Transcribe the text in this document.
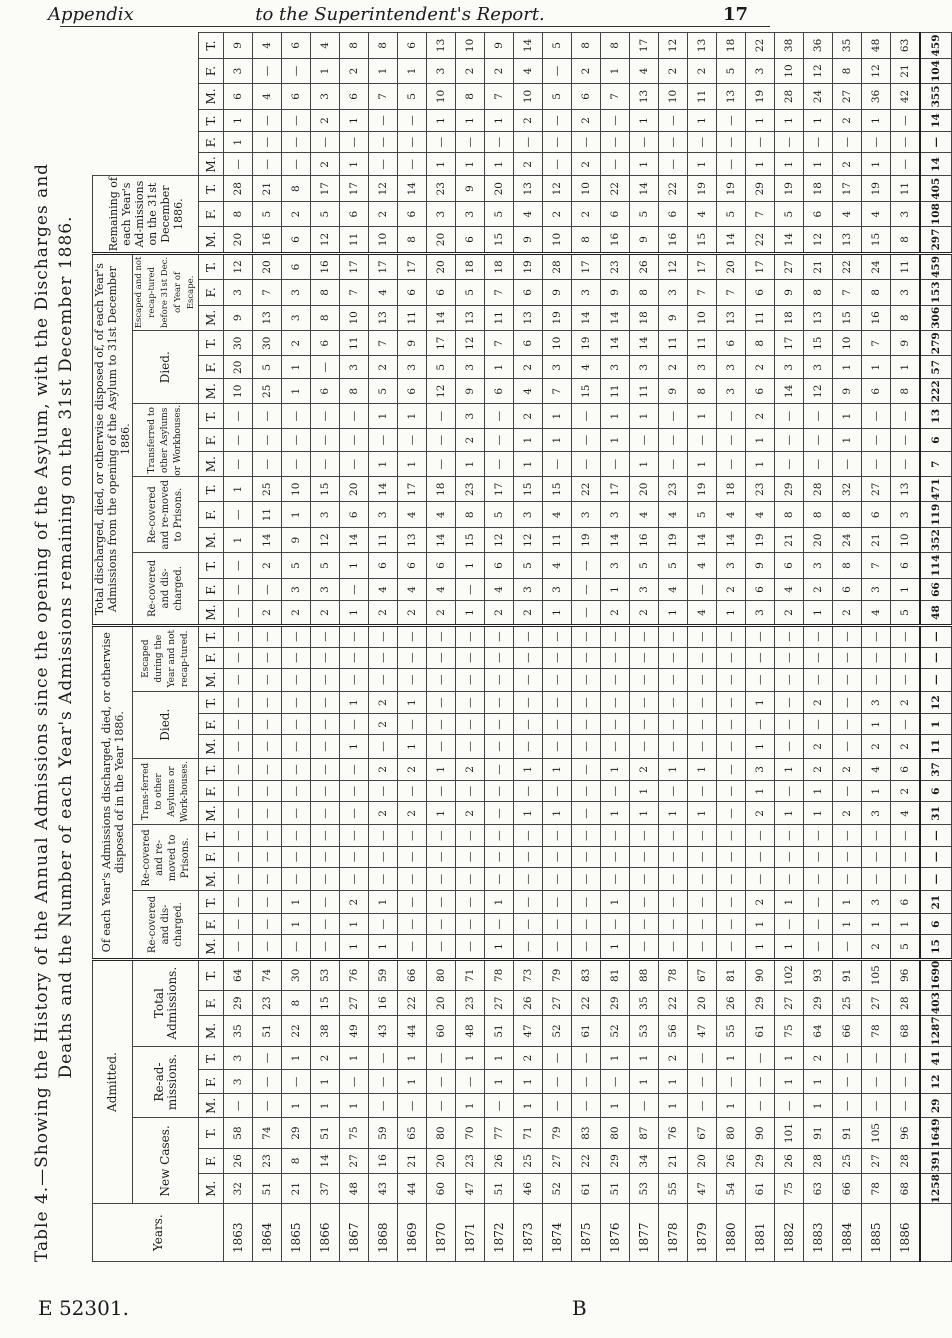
Appendix	to the Superintendent's Report.	17
Table 4.—Showing the History of the Annual Admissions since the opening of the Asylum, with the Discharges and Deaths and the Number of each Year's Admissions remaining on the 31st December 1886.
Years.	Admitted.									Of each Year's Admissions discharged, died, or otherwise disposed of in the Year 1886.															Total discharged, died, or otherwise disposed of, of each Year's Admissions from the opening of the Asylum to 31st December 1886.															Remaining of each Year's Ad-missions on the 31st December 1886.								
	New Cases.			Re-ad-missions.			Total Admissions.			Re-covered and dis-charged.			Re-covered and re-moved to Prisons.			Trans-ferred to other Asylums or Work-houses.			Died.			Escaped during the Year and not recap-tured.			Re-covered and dis-charged.			Re-covered and re-moved to Prisons.			Transferred to other Asylums or Workhouses.			Died.			Escaped and not recap-tured before 31st Dec. of Year of Escape.											
	M.	F.	T.	M.	F.	T.	M.	F.	T.	M.	F.	T.	M.	F.	T.	M.	F.	T.	M.	F.	T.	M.	F.	T.	M.	F.	T.	M.	F.	T.	M.	F.	T.	M.	F.	T.	M.	F.	T.	M.	F.	T.	M.	F.	T.	M.	F.	T.
1863	32	26	58	—	3	3	35	29	64	—	—	—	—	—	—	—	—	—	—	—	—	—	—	—	—	—	—	1	—	1	—	—	—	10	20	30	9	3	12	20	8	28	—	1	1	6	3	9
1864	51	23	74	—	—	—	51	23	74	—	—	—	—	—	—	—	—	—	—	—	—	—	—	—	2	—	2	14	11	25	—	—	—	25	5	30	13	7	20	16	5	21	—	—	—	4	—	4
1865	21	8	29	1	—	1	22	8	30	—	1	1	—	—	—	—	—	—	—	—	—	—	—	—	2	3	5	9	1	10	—	—	—	1	1	2	3	3	6	6	2	8	—	—	—	6	—	6
1866	37	14	51	1	1	2	38	15	53	—	—	—	—	—	—	—	—	—	—	—	—	—	—	—	2	3	5	12	3	15	—	—	—	6	—	6	8	8	16	12	5	17	2	—	2	3	1	4
1867	48	27	75	1	—	1	49	27	76	1	1	2	—	—	—	—	—	—	1	—	1	—	—	—	1	—	1	14	6	20	—	—	—	8	3	11	10	7	17	11	6	17	1	—	1	6	2	8
1868	43	16	59	—	—	—	43	16	59	1	—	1	—	—	—	2	—	2	—	2	2	—	—	—	2	4	6	11	3	14	1	—	1	5	2	7	13	4	17	10	2	12	—	—	—	7	1	8
1869	44	21	65	—	1	1	44	22	66	—	—	—	—	—	—	2	—	2	1	—	1	—	—	—	2	4	6	13	4	17	1	—	1	6	3	9	11	6	17	8	6	14	—	—	—	5	1	6
1870	60	20	80	—	—	—	60	20	80	—	—	—	—	—	—	1	—	1	—	—	—	—	—	—	2	4	6	14	4	18	—	—	—	12	5	17	14	6	20	20	3	23	1	—	1	10	3	13
1871	47	23	70	1	—	1	48	23	71	—	—	—	—	—	—	2	—	2	—	—	—	—	—	—	1	—	1	15	8	23	1	2	3	9	3	12	13	5	18	6	3	9	1	—	1	8	2	10
1872	51	26	77	—	1	1	51	27	78	1	—	1	—	—	—	—	—	—	—	—	—	—	—	—	2	4	6	12	5	17	—	—	—	6	1	7	11	7	18	15	5	20	1	—	1	7	2	9
1873	46	25	71	1	1	2	47	26	73	—	—	—	—	—	—	1	—	1	—	—	—	—	—	—	2	3	5	12	3	15	1	1	2	4	2	6	13	6	19	9	4	13	2	—	2	10	4	14
1874	52	27	79	—	—	—	52	27	79	—	—	—	—	—	—	1	—	1	—	—	—	—	—	—	1	3	4	11	4	15	—	1	1	7	3	10	19	9	28	10	2	12	—	—	—	5	—	5
1875	61	22	83	—	—	—	61	22	83	—	—	—	—	—	—	—	—	—	—	—	—	—	—	—	—	—	—	19	3	22	—	—	—	15	4	19	14	3	17	8	2	10	2	—	2	6	2	8
1876	51	29	80	1	—	1	52	29	81	1	—	1	—	—	—	1	—	1	—	—	—	—	—	—	2	1	3	14	3	17	—	1	1	11	3	14	14	9	23	16	6	22	—	—	—	7	1	8
1877	53	34	87	—	1	1	53	35	88	—	—	—	—	—	—	1	1	2	—	—	—	—	—	—	2	3	5	16	4	20	1	—	1	11	3	14	18	8	26	9	5	14	1	—	1	13	4	17
1878	55	21	76	1	1	2	56	22	78	—	—	—	—	—	—	1	—	1	—	—	—	—	—	—	1	4	5	19	4	23	—	—	—	9	2	11	9	3	12	16	6	22	—	—	—	10	2	12
1879	47	20	67	—	—	—	47	20	67	—	—	—	—	—	—	1	—	1	—	—	—	—	—	—	4	—	4	14	5	19	1	—	1	8	3	11	10	7	17	15	4	19	1	—	1	11	2	13
1880	54	26	80	1	—	1	55	26	81	—	—	—	—	—	—	—	—	—	—	—	—	—	—	—	1	2	3	14	4	18	—	—	—	3	3	6	13	7	20	14	5	19	—	—	—	13	5	18
1881	61	29	90	—	—	—	61	29	90	1	1	2	—	—	—	2	1	3	1	—	1	—	—	—	3	6	9	19	4	23	1	1	2	6	2	8	11	6	17	22	7	29	1	—	1	19	3	22
1882	75	26	101	—	1	1	75	27	102	1	—	1	—	—	—	1	—	1	—	—	—	—	—	—	2	4	6	21	8	29	—	—	—	14	3	17	18	9	27	14	5	19	1	—	1	28	10	38
1883	63	28	91	1	1	2	64	29	93	—	—	—	—	—	—	1	1	2	2	—	2	—	—	—	1	2	3	20	8	28	—	—	—	12	3	15	13	8	21	12	6	18	1	—	1	24	12	36
1884	66	25	91	—	—	—	66	25	91	—	1	1	—	—	—	2	—	2	—	—	—	—	—	—	2	6	8	24	8	32	—	1	1	9	1	10	15	7	22	13	4	17	2	—	2	27	8	35
1885	78	27	105	—	—	—	78	27	105	2	1	3	—	—	—	3	1	4	2	1	3	—	—	—	4	3	7	21	6	27	—	—	—	6	1	7	16	8	24	15	4	19	1	—	1	36	12	48
1886	68	28	96	—	—	—	68	28	96	5	1	6	—	—	—	4	2	6	2	—	2	—	—	—	5	1	6	10	3	13	—	—	—	8	1	9	8	3	11	8	3	11	—	—	—	42	21	63
	1258	391	1649	29	12	41	1287	403	1690	15	6	21	—	—	—	31	6	37	11	1	12	—	—	—	48	66	114	352	119	471	7	6	13	222	57	279	306	153	459	297	108	405	14	—	14	355	104	459
E 52301.	B
